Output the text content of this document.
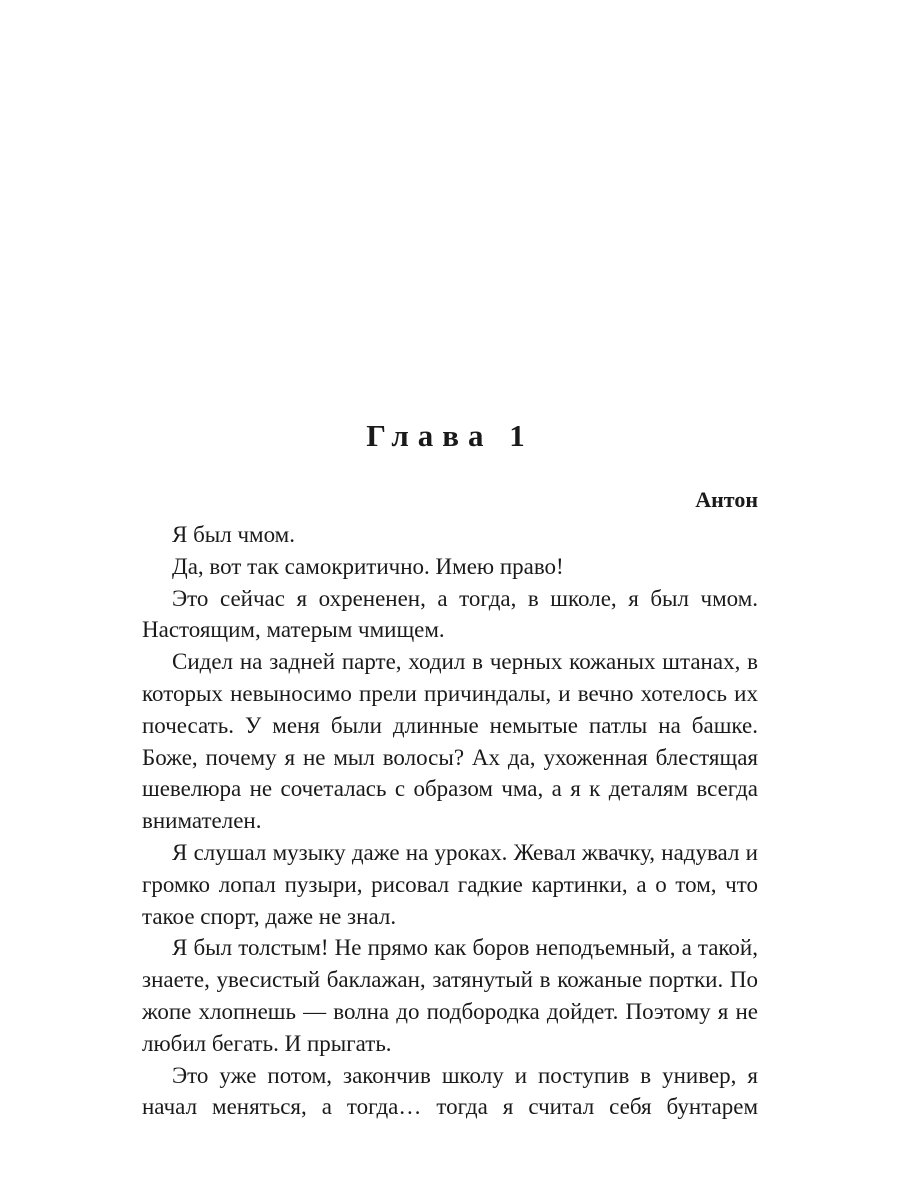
Глава 1
Антон

Я был чмом.

Да, вот так самокритично. Имею право!

Это сейчас я охрененен, а тогда, в школе, я был чмом. Настоящим, матерым чмищем.

Сидел на задней парте, ходил в черных кожаных штанах, в которых невыносимо прели причиндалы, и вечно хотелось их почесать. У меня были длинные немытые патлы на башке. Боже, почему я не мыл волосы? Ах да, ухоженная блестящая шевелюра не сочеталась с образом чма, а я к деталям всегда внимателен.

Я слушал музыку даже на уроках. Жевал жвачку, надувал и громко лопал пузыри, рисовал гадкие картинки, а о том, что такое спорт, даже не знал.

Я был толстым! Не прямо как боров неподъемный, а такой, знаете, увесистый баклажан, затянутый в кожаные портки. По жопе хлопнешь — волна до подбородка дойдет. Поэтому я не любил бегать. И прыгать.

Это уже потом, закончив школу и поступив в универ, я начал меняться, а тогда… тогда я считал себя бунтарем
